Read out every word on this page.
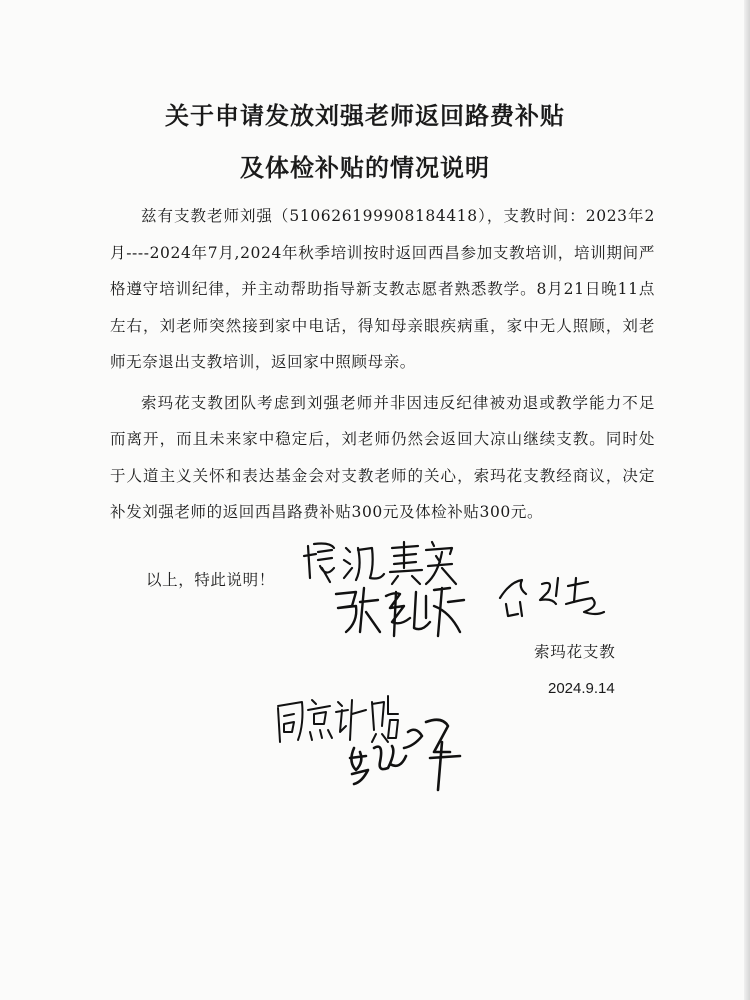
关于申请发放刘强老师返回路费补贴
及体检补贴的情况说明

兹有支教老师刘强（510626199908184418），支教时间：2023年2月----2024年7月,2024年秋季培训按时返回西昌参加支教培训，培训期间严格遵守培训纪律，并主动帮助指导新支教志愿者熟悉教学。8月21日晚11点左右，刘老师突然接到家中电话，得知母亲眼疾病重，家中无人照顾，刘老师无奈退出支教培训，返回家中照顾母亲。

索玛花支教团队考虑到刘强老师并非因违反纪律被劝退或教学能力不足而离开，而且未来家中稳定后，刘老师仍然会返回大凉山继续支教。同时处于人道主义关怀和表达基金会对支教老师的关心，索玛花支教经商议，决定补发刘强老师的返回西昌路费补贴300元及体检补贴300元。

以上，特此说明！
索玛花支教
2024.9.14
